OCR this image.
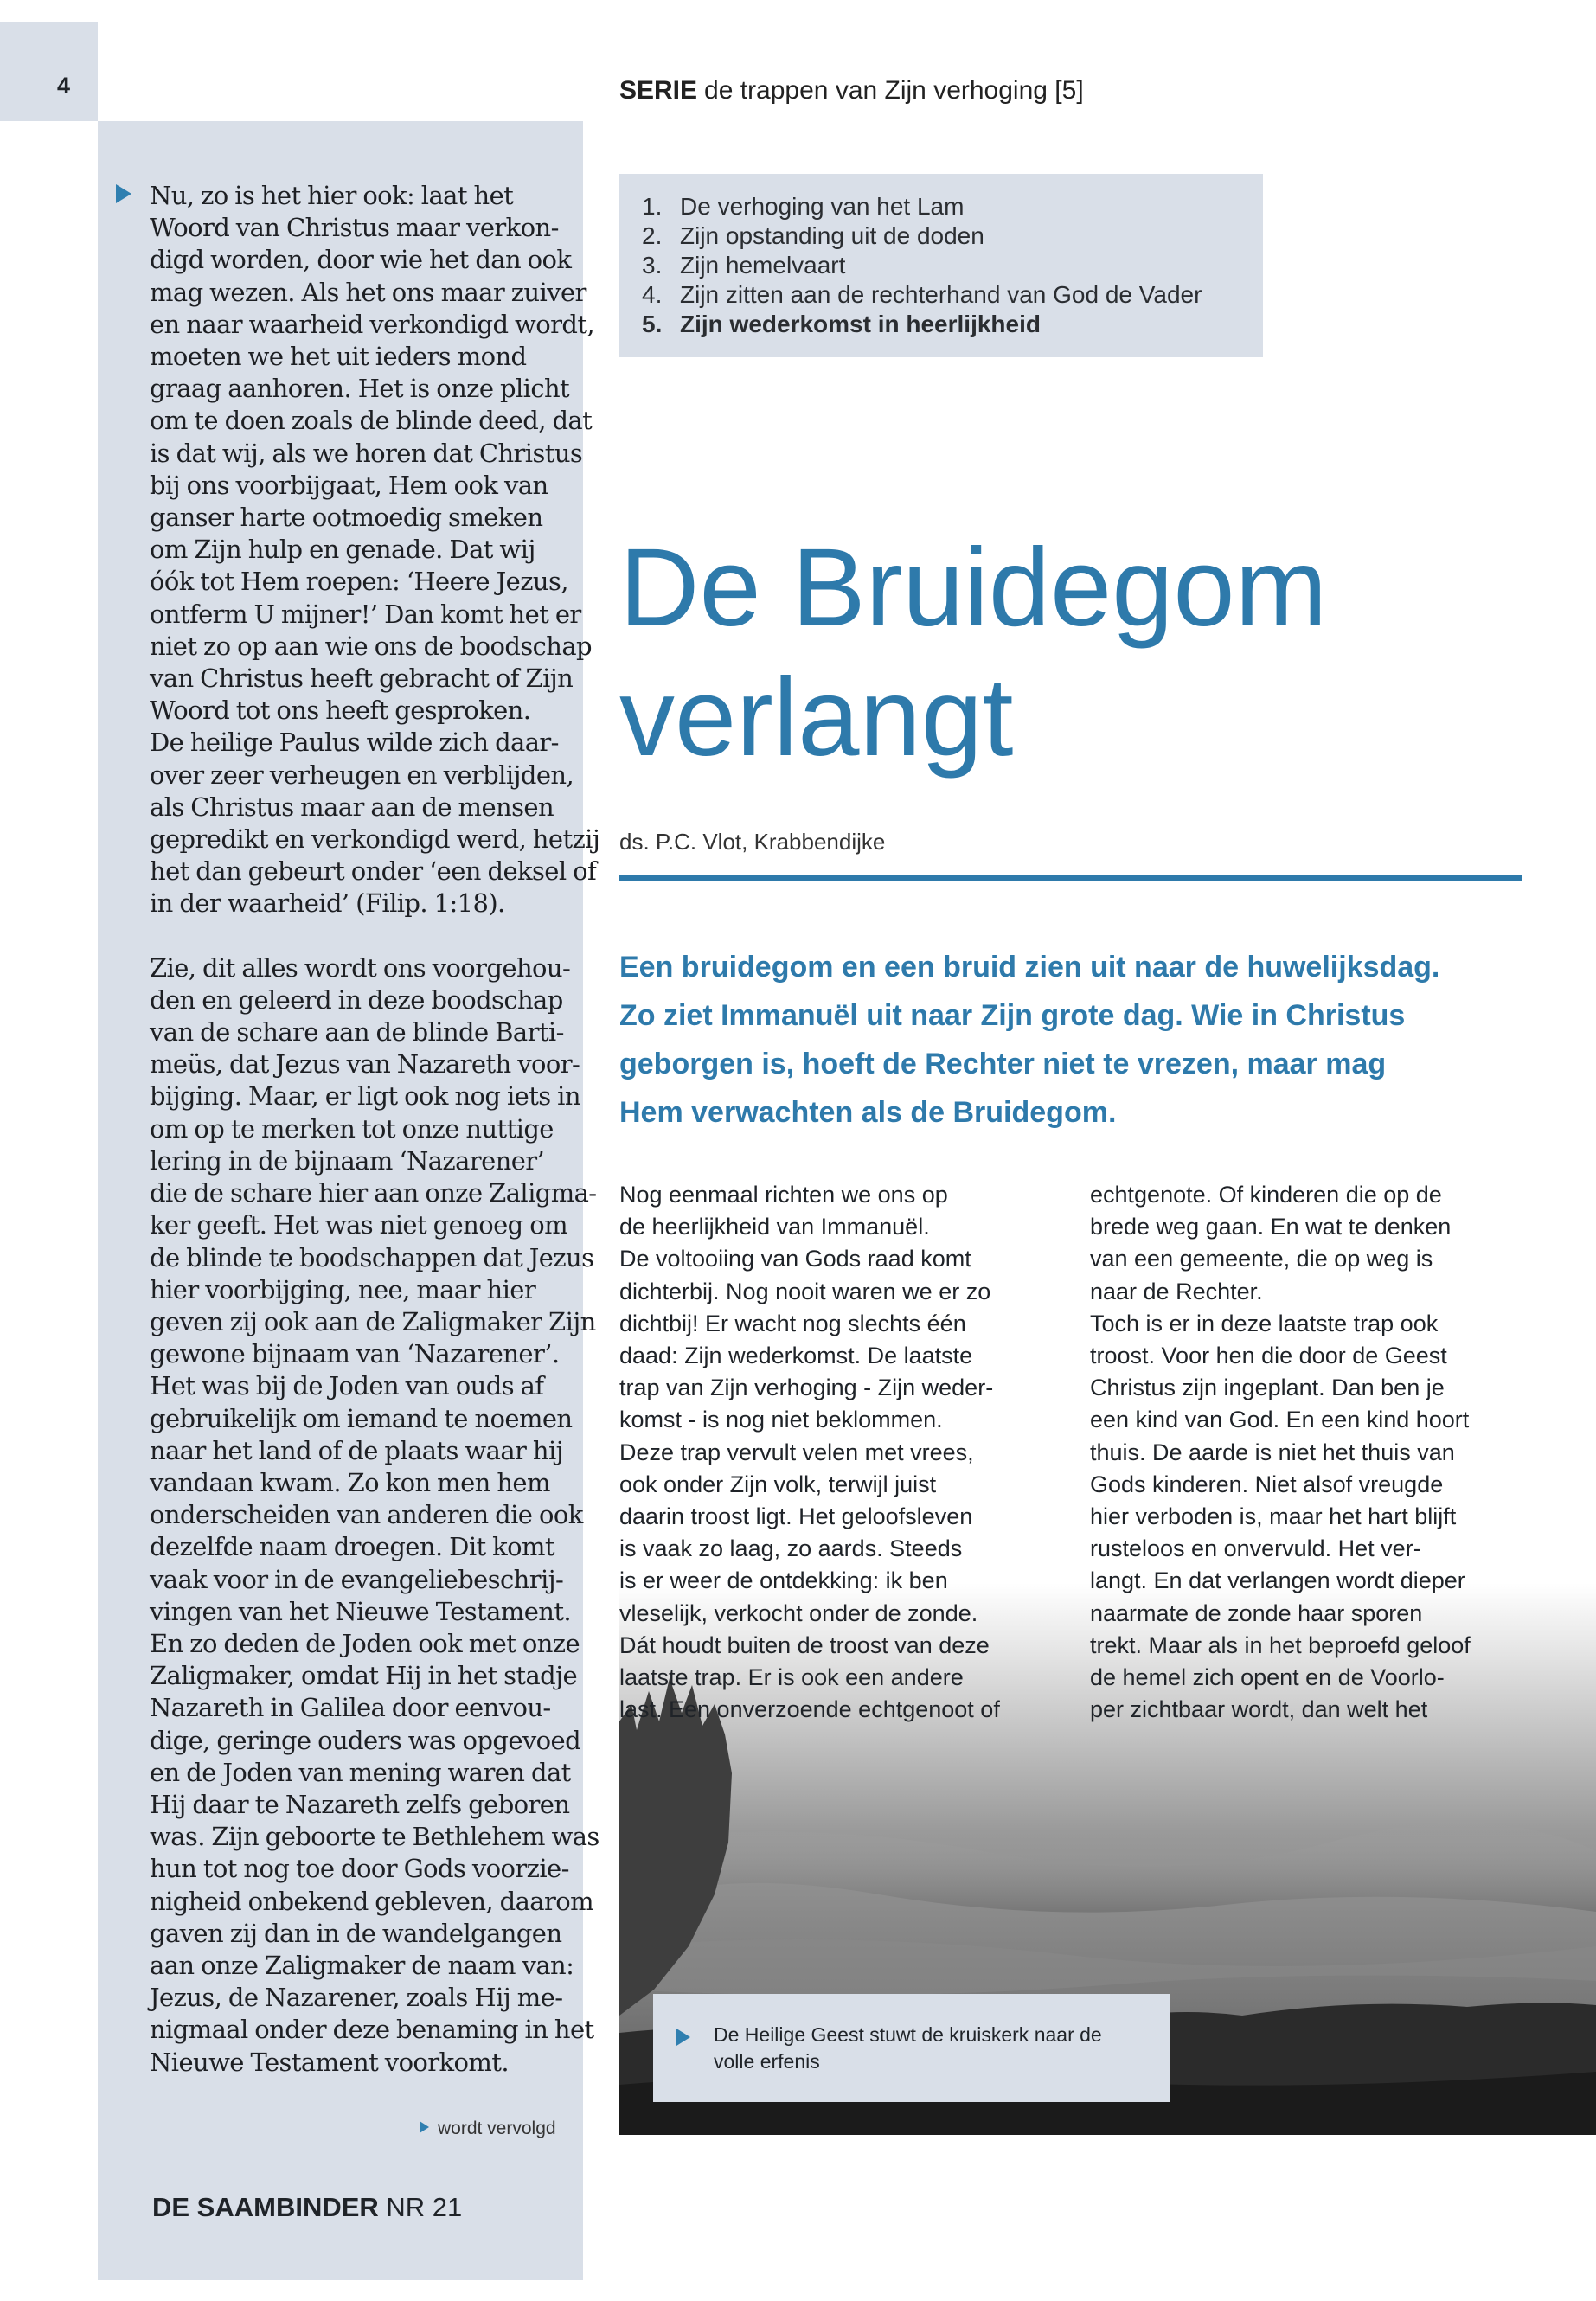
4	SERIE de trappen van Zijn verhoging [5]

Nu, zo is het hier ook: laat het
Woord van Christus maar verkon-
digd worden, door wie het dan ook
mag wezen. Als het ons maar zuiver
en naar waarheid verkondigd wordt,
moeten we het uit ieders mond
graag aanhoren. Het is onze plicht
om te doen zoals de blinde deed, dat
is dat wij, als we horen dat Christus
bij ons voorbijgaat, Hem ook van
ganser harte ootmoedig smeken
om Zijn hulp en genade. Dat wij
óók tot Hem roepen: ‘Heere Jezus,
ontferm U mijner!’ Dan komt het er
niet zo op aan wie ons de boodschap
van Christus heeft gebracht of Zijn
Woord tot ons heeft gesproken.
De heilige Paulus wilde zich daar-
over zeer verheugen en verblijden,
als Christus maar aan de mensen
gepredikt en verkondigd werd, hetzij
het dan gebeurt onder ‘een deksel of
in der waarheid’ (Filip. 1:18).

Zie, dit alles wordt ons voorgehou-
den en geleerd in deze boodschap
van de schare aan de blinde Barti-
meüs, dat Jezus van Nazareth voor-
bijging. Maar, er ligt ook nog iets in
om op te merken tot onze nuttige
lering in de bijnaam ‘Nazarener’
die de schare hier aan onze Zaligma-
ker geeft. Het was niet genoeg om
de blinde te boodschappen dat Jezus
hier voorbijging, nee, maar hier
geven zij ook aan de Zaligmaker Zijn
gewone bijnaam van ‘Nazarener’.
Het was bij de Joden van ouds af
gebruikelijk om iemand te noemen
naar het land of de plaats waar hij
vandaan kwam. Zo kon men hem
onderscheiden van anderen die ook
dezelfde naam droegen. Dit komt
vaak voor in de evangeliebeschrij-
vingen van het Nieuwe Testament.
En zo deden de Joden ook met onze
Zaligmaker, omdat Hij in het stadje
Nazareth in Galilea door eenvou-
dige, geringe ouders was opgevoed
en de Joden van mening waren dat
Hij daar te Nazareth zelfs geboren
was. Zijn geboorte te Bethlehem was
hun tot nog toe door Gods voorzie-
nigheid onbekend gebleven, daarom
gaven zij dan in de wandelgangen
aan onze Zaligmaker de naam van:
Jezus, de Nazarener, zoals Hij me-
nigmaal onder deze benaming in het
Nieuwe Testament voorkomt.

wordt vervolgd
DE SAAMBINDER NR 21
1. De verhoging van het Lam
2. Zijn opstanding uit de doden
3. Zijn hemelvaart
4. Zijn zitten aan de rechterhand van God de Vader
5. Zijn wederkomst in heerlijkheid
De Bruidegom
verlangt
ds. P.C. Vlot, Krabbendijke

Een bruidegom en een bruid zien uit naar de huwelijksdag.
Zo ziet Immanuël uit naar Zijn grote dag. Wie in Christus
geborgen is, hoeft de Rechter niet te vrezen, maar mag
Hem verwachten als de Bruidegom.

Nog eenmaal richten we ons op
de heerlijkheid van Immanuël.
De voltooiing van Gods raad komt
dichterbij. Nog nooit waren we er zo
dichtbij! Er wacht nog slechts één
daad: Zijn wederkomst. De laatste
trap van Zijn verhoging - Zijn weder-
komst - is nog niet beklommen.
Deze trap vervult velen met vrees,
ook onder Zijn volk, terwijl juist
daarin troost ligt. Het geloofsleven
is vaak zo laag, zo aards. Steeds
is er weer de ontdekking: ik ben
vleselijk, verkocht onder de zonde.
Dát houdt buiten de troost van deze
laatste trap. Er is ook een andere
last. Een onverzoende echtgenoot of
echtgenote. Of kinderen die op de
brede weg gaan. En wat te denken
van een gemeente, die op weg is
naar de Rechter.
Toch is er in deze laatste trap ook
troost. Voor hen die door de Geest
Christus zijn ingeplant. Dan ben je
een kind van God. En een kind hoort
thuis. De aarde is niet het thuis van
Gods kinderen. Niet alsof vreugde
hier verboden is, maar het hart blijft
rusteloos en onvervuld. Het ver-
langt. En dat verlangen wordt dieper
naarmate de zonde haar sporen
trekt. Maar als in het beproefd geloof
de hemel zich opent en de Voorlo-
per zichtbaar wordt, dan welt het
De Heilige Geest stuwt de kruiskerk naar de
volle erfenis
